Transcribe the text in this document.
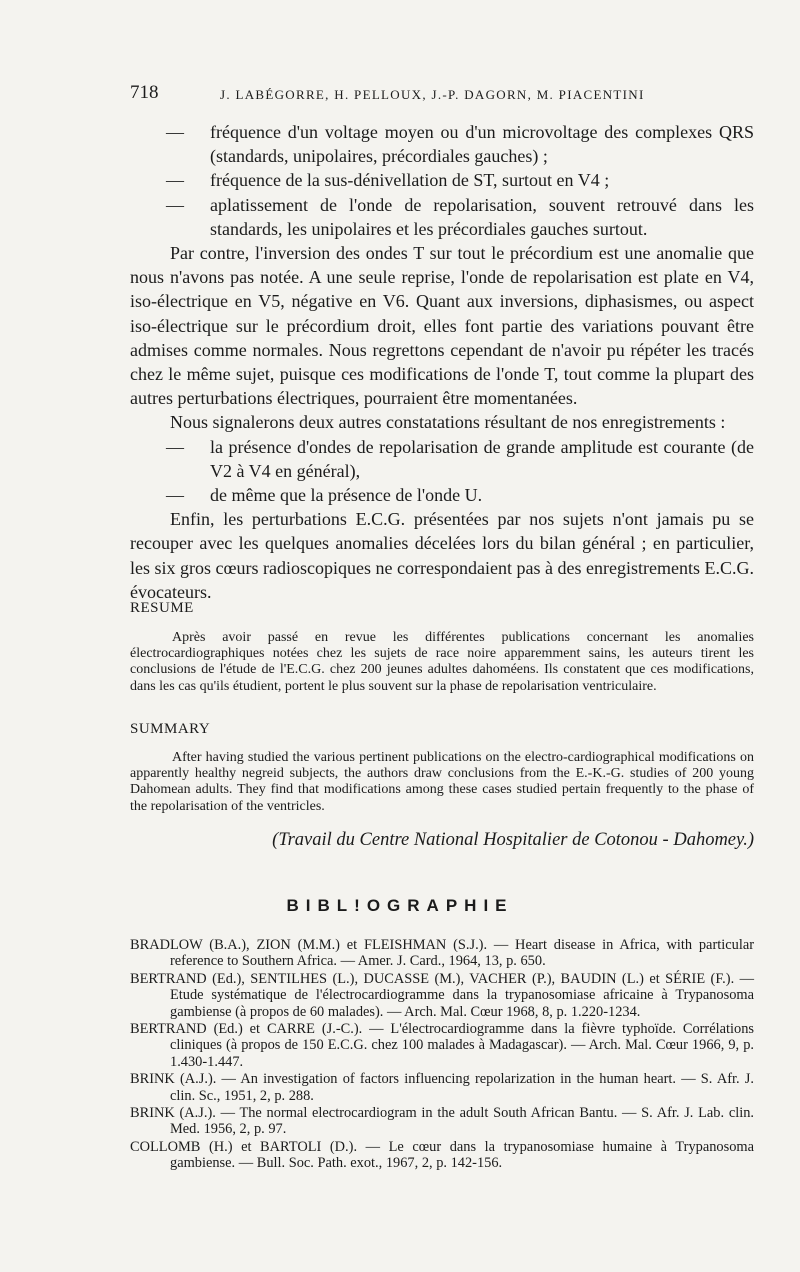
718	J. LABÉGORRE, H. PELLOUX, J.-P. DAGORN, M. PIACENTINI
—	fréquence d'un voltage moyen ou d'un microvoltage des complexes QRS (standards, unipolaires, précordiales gauches) ;
—	fréquence de la sus-dénivellation de ST, surtout en V4 ;
—	aplatissement de l'onde de repolarisation, souvent retrouvé dans les standards, les unipolaires et les précordiales gauches surtout.

Par contre, l'inversion des ondes T sur tout le précordium est une anomalie que nous n'avons pas notée. A une seule reprise, l'onde de repolarisation est plate en V4, iso-électrique en V5, négative en V6. Quant aux inversions, diphasismes, ou aspect iso-électrique sur le précordium droit, elles font partie des variations pouvant être admises comme normales. Nous regrettons cependant de n'avoir pu répéter les tracés chez le même sujet, puisque ces modifications de l'onde T, tout comme la plupart des autres perturbations électriques, pourraient être momentanées.

Nous signalerons deux autres constatations résultant de nos enregistrements :

—	la présence d'ondes de repolarisation de grande amplitude est courante (de V2 à V4 en général),
—	de même que la présence de l'onde U.

Enfin, les perturbations E.C.G. présentées par nos sujets n'ont jamais pu se recouper avec les quelques anomalies décelées lors du bilan général ; en particulier, les six gros cœurs radioscopiques ne correspondaient pas à des enregistrements E.C.G. évocateurs.

RESUME

Après avoir passé en revue les différentes publications concernant les anomalies électrocardiographiques notées chez les sujets de race noire apparemment sains, les auteurs tirent les conclusions de l'étude de l'E.C.G. chez 200 jeunes adultes dahoméens. Ils constatent que ces modifications, dans les cas qu'ils étudient, portent le plus souvent sur la phase de repolarisation ventriculaire.

SUMMARY

After having studied the various pertinent publications on the electro-cardiographical modifications on apparently healthy negreid subjects, the authors draw conclusions from the E.-K.-G. studies of 200 young Dahomean adults. They find that modifications among these cases studied pertain frequently to the phase of the repolarisation of the ventricles.

(Travail du Centre National Hospitalier de Cotonou - Dahomey.)

BIBL!OGRAPHIE

BRADLOW (B.A.), ZION (M.M.) et FLEISHMAN (S.J.). — Heart disease in Africa, with particular reference to Southern Africa. — Amer. J. Card., 1964, 13, p. 650.

BERTRAND (Ed.), SENTILHES (L.), DUCASSE (M.), VACHER (P.), BAUDIN (L.) et SÉRIE (F.). — Etude systématique de l'électrocardiogramme dans la trypanosomiase africaine à Trypanosoma gambiense (à propos de 60 malades). — Arch. Mal. Cœur 1968, 8, p. 1.220-1234.

BERTRAND (Ed.) et CARRE (J.-C.). — L'électrocardiogramme dans la fièvre typhoïde. Corrélations cliniques (à propos de 150 E.C.G. chez 100 malades à Madagascar). — Arch. Mal. Cœur 1966, 9, p. 1.430-1.447.

BRINK (A.J.). — An investigation of factors influencing repolarization in the human heart. — S. Afr. J. clin. Sc., 1951, 2, p. 288.

BRINK (A.J.). — The normal electrocardiogram in the adult South African Bantu. — S. Afr. J. Lab. clin. Med. 1956, 2, p. 97.

COLLOMB (H.) et BARTOLI (D.). — Le cœur dans la trypanosomiase humaine à Trypanosoma gambiense. — Bull. Soc. Path. exot., 1967, 2, p. 142-156.
